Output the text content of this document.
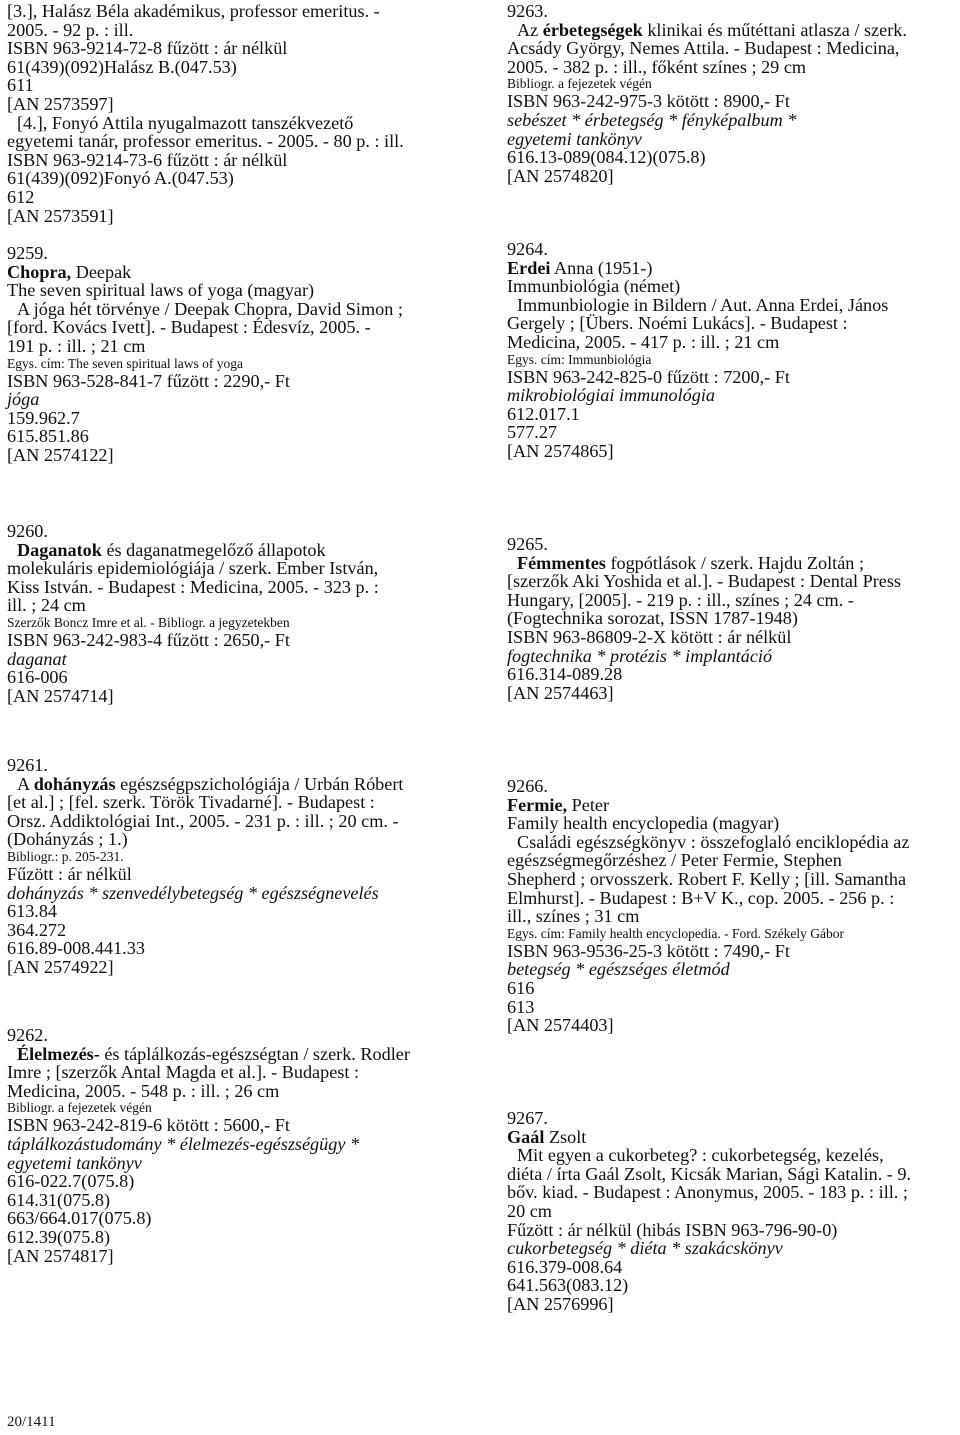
[3.], Halász Béla akadémikus, professor emeritus. -
2005. - 92 p. : ill.
ISBN 963-9214-72-8 fűzött : ár nélkül
61(439)(092)Halász B.(047.53)
611
[AN 2573597]
[4.], Fonyó Attila nyugalmazott tanszékvezető
egyetemi tanár, professor emeritus. - 2005. - 80 p. : ill.
ISBN 963-9214-73-6 fűzött : ár nélkül
61(439)(092)Fonyó A.(047.53)
612
[AN 2573591]
9259.
Chopra, Deepak
The seven spiritual laws of yoga (magyar)
A jóga hét törvénye / Deepak Chopra, David Simon ;
[ford. Kovács Ivett]. - Budapest : Édesvíz, 2005. -
191 p. : ill. ; 21 cm
Egys. cím: The seven spiritual laws of yoga
ISBN 963-528-841-7 fűzött : 2290,- Ft
jóga
159.962.7
615.851.86
[AN 2574122]
9260.
Daganatok és daganatmegelőző állapotok
molekuláris epidemiológiája / szerk. Ember István,
Kiss István. - Budapest : Medicina, 2005. - 323 p. :
ill. ; 24 cm
Szerzők Boncz Imre et al. - Bibliogr. a jegyzetekben
ISBN 963-242-983-4 fűzött : 2650,- Ft
daganat
616-006
[AN 2574714]
9261.
A dohányzás egészségpszichológiája / Urbán Róbert
[et al.] ; [fel. szerk. Török Tivadarné]. - Budapest :
Orsz. Addiktológiai Int., 2005. - 231 p. : ill. ; 20 cm. -
(Dohányzás ; 1.)
Bibliogr.: p. 205-231.
Fűzött : ár nélkül
dohányzás * szenvedélybetegség * egészségnevelés
613.84
364.272
616.89-008.441.33
[AN 2574922]
9262.
Élelmezés- és táplálkozás-egészségtan / szerk. Rodler
Imre ; [szerzők Antal Magda et al.]. - Budapest :
Medicina, 2005. - 548 p. : ill. ; 26 cm
Bibliogr. a fejezetek végén
ISBN 963-242-819-6 kötött : 5600,- Ft
táplálkozástudomány * élelmezés-egészségügy *
egyetemi tankönyv
616-022.7(075.8)
614.31(075.8)
663/664.017(075.8)
612.39(075.8)
[AN 2574817]
9263.
Az érbetegségek klinikai és műtéttani atlasza / szerk.
Acsády György, Nemes Attila. - Budapest : Medicina,
2005. - 382 p. : ill., főként színes ; 29 cm
Bibliogr. a fejezetek végén
ISBN 963-242-975-3 kötött : 8900,- Ft
sebészet * érbetegség * fényképalbum *
egyetemi tankönyv
616.13-089(084.12)(075.8)
[AN 2574820]
9264.
Erdei Anna (1951-)
Immunbiológia (német)
Immunbiologie in Bildern / Aut. Anna Erdei, János
Gergely ; [Übers. Noémi Lukács]. - Budapest :
Medicina, 2005. - 417 p. : ill. ; 21 cm
Egys. cím: Immunbiológia
ISBN 963-242-825-0 fűzött : 7200,- Ft
mikrobiológiai immunológia
612.017.1
577.27
[AN 2574865]
9265.
Fémmentes fogpótlások / szerk. Hajdu Zoltán ;
[szerzők Aki Yoshida et al.]. - Budapest : Dental Press
Hungary, [2005]. - 219 p. : ill., színes ; 24 cm. -
(Fogtechnika sorozat, ISSN 1787-1948)
ISBN 963-86809-2-X kötött : ár nélkül
fogtechnika * protézis * implantáció
616.314-089.28
[AN 2574463]
9266.
Fermie, Peter
Family health encyclopedia (magyar)
Családi egészségkönyv : összefoglaló enciklopédia az
egészségmegőrzéshez / Peter Fermie, Stephen
Shepherd ; orvosszerk. Robert F. Kelly ; [ill. Samantha
Elmhurst]. - Budapest : B+V K., cop. 2005. - 256 p. :
ill., színes ; 31 cm
Egys. cím: Family health encyclopedia. - Ford. Székely Gábor
ISBN 963-9536-25-3 kötött : 7490,- Ft
betegség * egészséges életmód
616
613
[AN 2574403]
9267.
Gaál Zsolt
Mit egyen a cukorbeteg? : cukorbetegség, kezelés,
diéta / írta Gaál Zsolt, Kicsák Marian, Sági Katalin. - 9.
bőv. kiad. - Budapest : Anonymus, 2005. - 183 p. : ill. ;
20 cm
Fűzött : ár nélkül (hibás ISBN 963-796-90-0)
cukorbetegség * diéta * szakácskönyv
616.379-008.64
641.563(083.12)
[AN 2576996]
20/1411
